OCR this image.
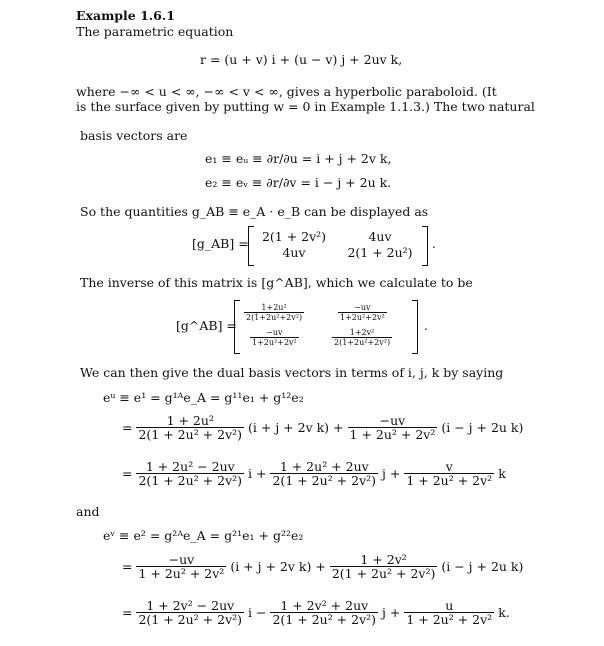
Example 1.6.1
The parametric equation
r = (u + v) i + (u − v) j + 2uv k,
where −∞ < u < ∞, −∞ < v < ∞, gives a hyperbolic paraboloid. (It
is the surface given by putting w = 0 in Example 1.1.3.) The two natural
basis vectors are
e₁ ≡ eᵤ ≡ ∂r/∂u = i + j + 2v k,
e₂ ≡ eᵥ ≡ ∂r/∂v = i − j + 2u k.
So the quantities g_AB ≡ e_A · e_B can be displayed as
[g_AB] =	2(1 + 2v²)	4uv
4uv	2(1 + 2u²)
.
The inverse of this matrix is [g^AB], which we calculate to be
[g^AB] =
$\frac{\text{1+2u²}}{\text{2(1+2u²+2v²)}}$	$\frac{-uv}{\text{1+2u²+2v²}}$
$\frac{-uv}{\text{1+2u²+2v²}}$	$\frac{\text{1+2v²}}{\text{2(1+2u²+2v²)}}$
.
We can then give the dual basis vectors in terms of i, j, k by saying
eᵘ ≡ e¹ = g¹ᴬe_A = g¹¹e₁ + g¹²e₂
= $\frac{\text{1 + 2u²}}{\text{2(1 + 2u² + 2v²)}} (i + j + 2v$ $k) + \frac{-uv}{\text{1 + 2u² + 2v²}} (i - j + 2u$ k)
= $\frac{\text{1 + 2u² − 2uv}}{\text{2(1 + 2u² + 2v²)}}$ $i + \frac{\text{1 + 2u² + 2uv}}{\text{2(1 + 2u² + 2v²)}}$ $j + \frac{v}{\text{1 + 2u² + 2v²}}$ k
and
eᵛ ≡ e² = g²ᴬe_A = g²¹e₁ + g²²e₂
= $\frac{-uv}{\text{1 + 2u² + 2v²}} (i + j + 2v$ $k) + \frac{\text{1 + 2v²}}{\text{2(1 + 2u² + 2v²)}} (i - j + 2u$ k)
= $\frac{\text{1 + 2v² − 2uv}}{\text{2(1 + 2u² + 2v²)}}$ $i - \frac{\text{1 + 2v² + 2uv}}{\text{2(1 + 2u² + 2v²)}}$ $j + \frac{u}{\text{1 + 2u² + 2v²}} k$.
